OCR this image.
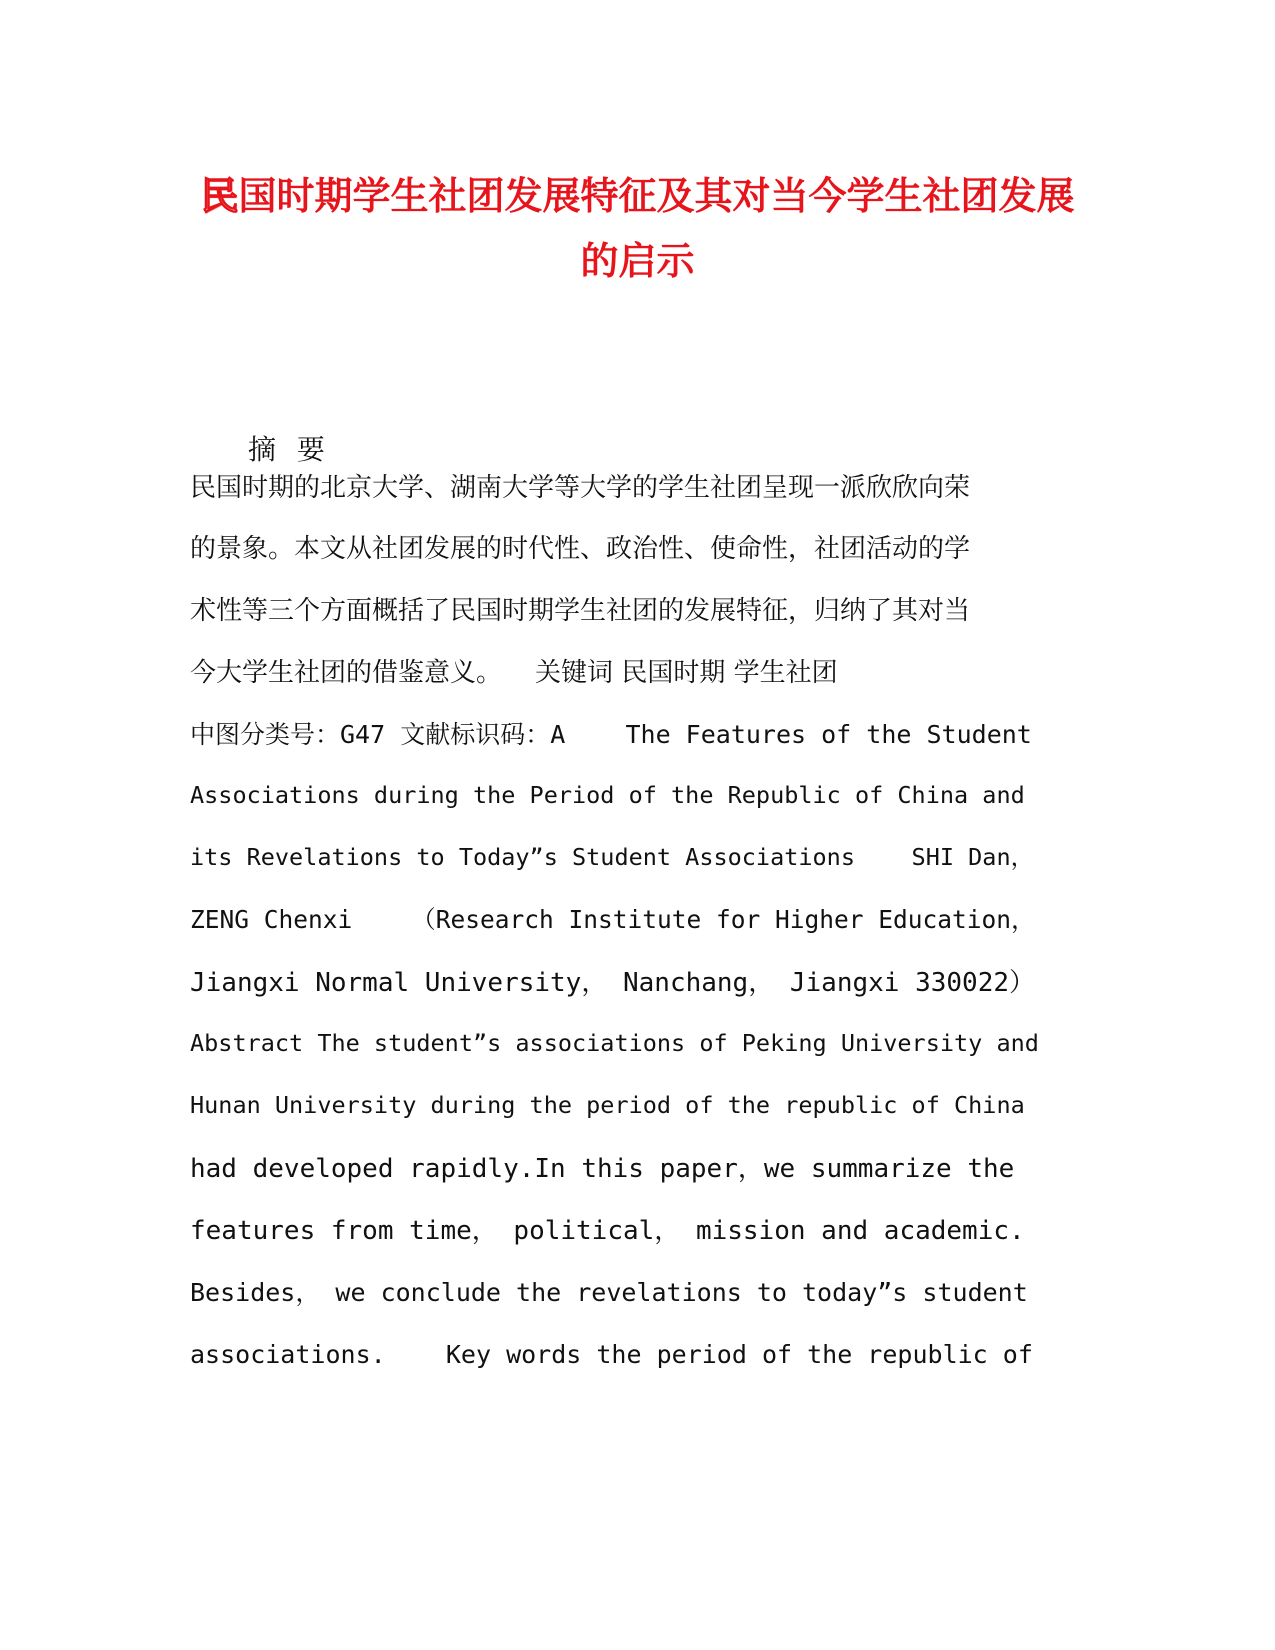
民国时期学生社团发展特征及其对当今学生社团发展
的启示
摘 要
民国时期的北京大学、湖南大学等大学的学生社团呈现一派欣欣向荣
的景象。本文从社团发展的时代性、政治性、使命性，社团活动的学
术性等三个方面概括了民国时期学生社团的发展特征，归纳了其对当
今大学生社团的借鉴意义。    关键词 民国时期 学生社团
中图分类号：G47 文献标识码：A    The Features of the Student
Associations during the Period of the Republic of China and
its Revelations to Today”s Student Associations    SHI Dan，
ZENG Chenxi    （Research Institute for Higher Education，
Jiangxi Normal University， Nanchang， Jiangxi 330022）
Abstract The student”s associations of Peking University and
Hunan University during the period of the republic of China
had developed rapidly.In this paper，we summarize the
features from time， political， mission and academic.
Besides， we conclude the revelations to today”s student
associations.    Key words the period of the republic of
